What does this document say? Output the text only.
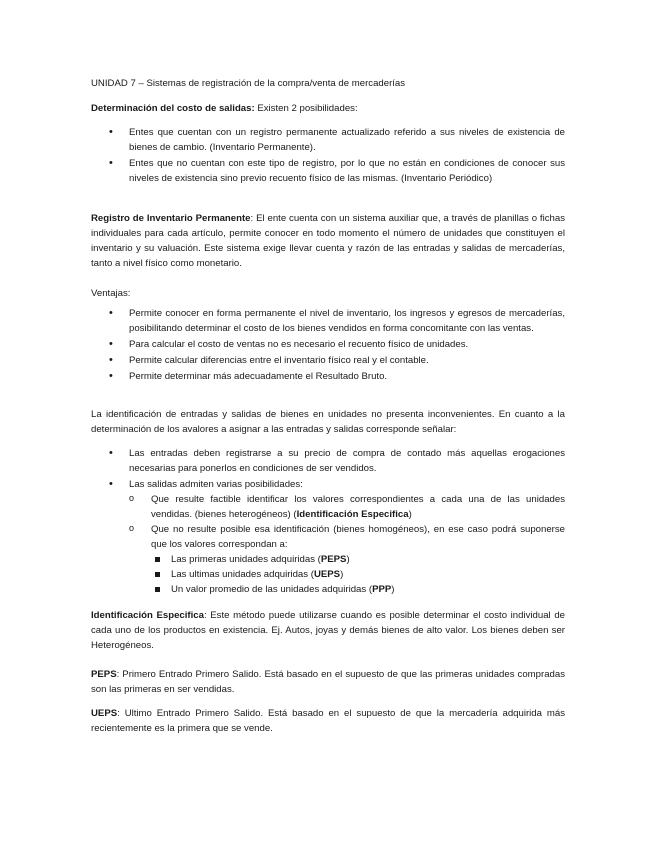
UNIDAD 7 – Sistemas de registración de la compra/venta de mercaderías

Determinación del costo de salidas: Existen 2 posibilidades:

• Entes que cuentan con un registro permanente actualizado referido a sus niveles de existencia de bienes de cambio. (Inventario Permanente).
• Entes que no cuentan con este tipo de registro, por lo que no están en condiciones de conocer sus niveles de existencia sino previo recuento físico de las mismas. (Inventario Periódico)

Registro de Inventario Permanente: El ente cuenta con un sistema auxiliar que, a través de planillas o fichas individuales para cada artículo, permite conocer en todo momento el número de unidades que constituyen el inventario y su valuación. Este sistema exige llevar cuenta y razón de las entradas y salidas de mercaderías, tanto a nivel físico como monetario.

Ventajas:

• Permite conocer en forma permanente el nivel de inventario, los ingresos y egresos de mercaderías, posibilitando determinar el costo de los bienes vendidos en forma concomitante con las ventas.
• Para calcular el costo de ventas no es necesario el recuento físico de unidades.
• Permite calcular diferencias entre el inventario físico real y el contable.
• Permite determinar más adecuadamente el Resultado Bruto.

La identificación de entradas y salidas de bienes en unidades no presenta inconvenientes. En cuanto a la determinación de los avalores a asignar a las entradas y salidas corresponde señalar:

• Las entradas deben registrarse a su precio de compra de contado más aquellas erogaciones necesarias para ponerlos en condiciones de ser vendidos.
• Las salidas admiten varias posibilidades:
o Que resulte factible identificar los valores correspondientes a cada una de las unidades vendidas. (bienes heterogéneos) (Identificación Especifica)
o Que no resulte posible esa identificación (bienes homogéneos), en ese caso podrá suponerse que los valores correspondan a:
Las primeras unidades adquiridas (PEPS)
Las ultimas unidades adquiridas (UEPS)
Un valor promedio de las unidades adquiridas (PPP)

Identificación Especifica: Este método puede utilizarse cuando es posible determinar el costo individual de cada uno de los productos en existencia. Ej. Autos, joyas y demás bienes de alto valor. Los bienes deben ser Heterogéneos.

PEPS: Primero Entrado Primero Salido. Está basado en el supuesto de que las primeras unidades compradas son las primeras en ser vendidas.

UEPS: Ultimo Entrado Primero Salido. Está basado en el supuesto de que la mercadería adquirida más recientemente es la primera que se vende.
